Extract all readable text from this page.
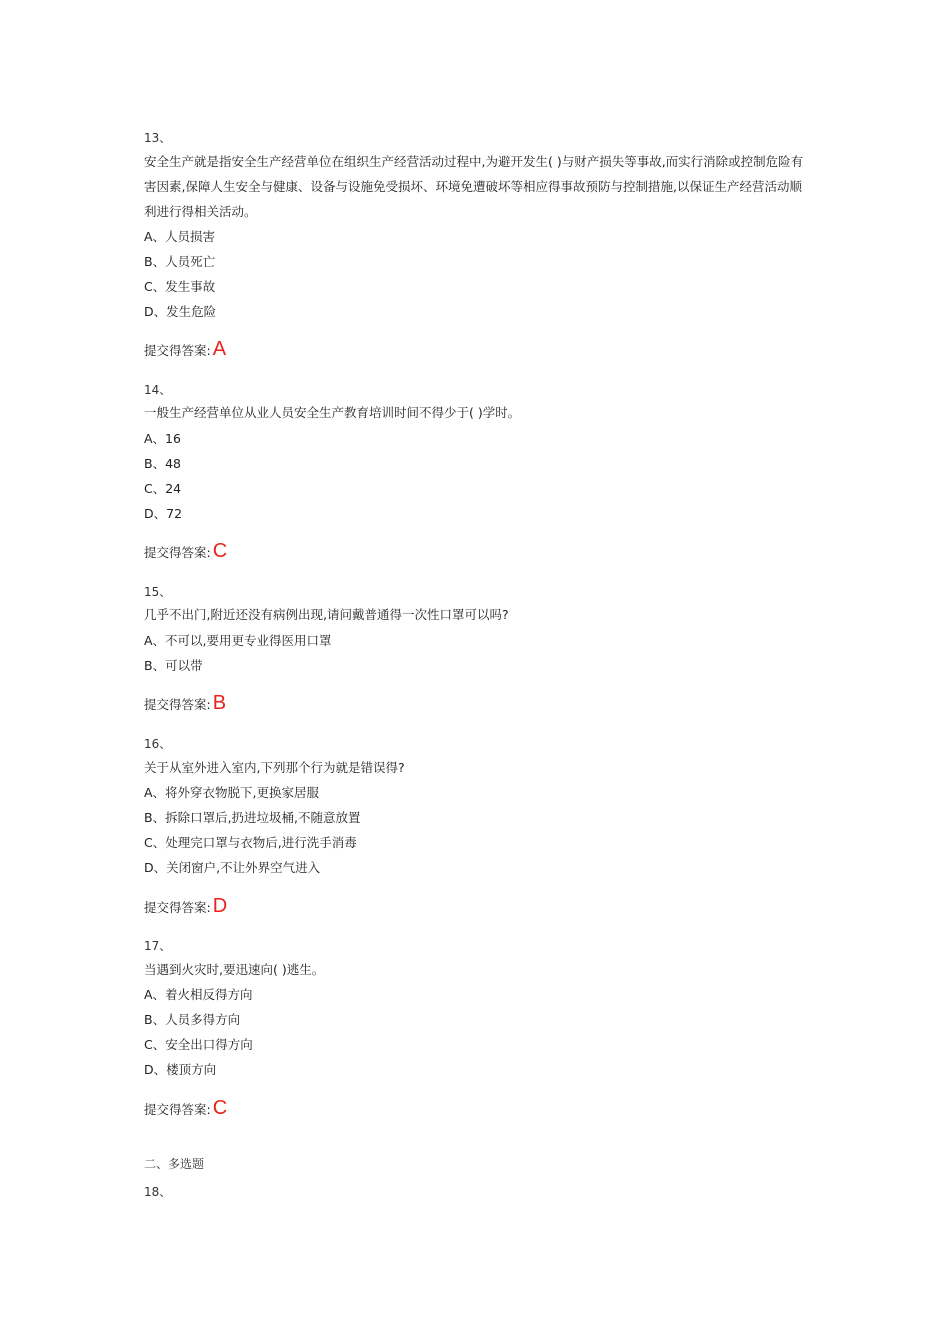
13、
安全生产就是指安全生产经营单位在组织生产经营活动过程中,为避开发生( )与财产损失等事故,而实行消除或控制危险有害因素,保障人生安全与健康、设备与设施免受损坏、环境免遭破坏等相应得事故预防与控制措施,以保证生产经营活动顺利进行得相关活动。
A、人员损害
B、人员死亡
C、发生事故
D、发生危险
提交得答案: A
14、
一般生产经营单位从业人员安全生产教育培训时间不得少于( )学时。
A、16
B、48
C、24
D、72
提交得答案: C
15、
几乎不出门,附近还没有病例出现,请问戴普通得一次性口罩可以吗?
A、不可以,要用更专业得医用口罩
B、可以带
提交得答案: B
16、
关于从室外进入室内,下列那个行为就是错误得?
A、将外穿衣物脱下,更换家居服
B、拆除口罩后,扔进垃圾桶,不随意放置
C、处理完口罩与衣物后,进行洗手消毒
D、关闭窗户,不让外界空气进入
提交得答案: D
17、
当遇到火灾时,要迅速向( )逃生。
A、着火相反得方向
B、人员多得方向
C、安全出口得方向
D、楼顶方向
提交得答案: C
二、多选题
18、
